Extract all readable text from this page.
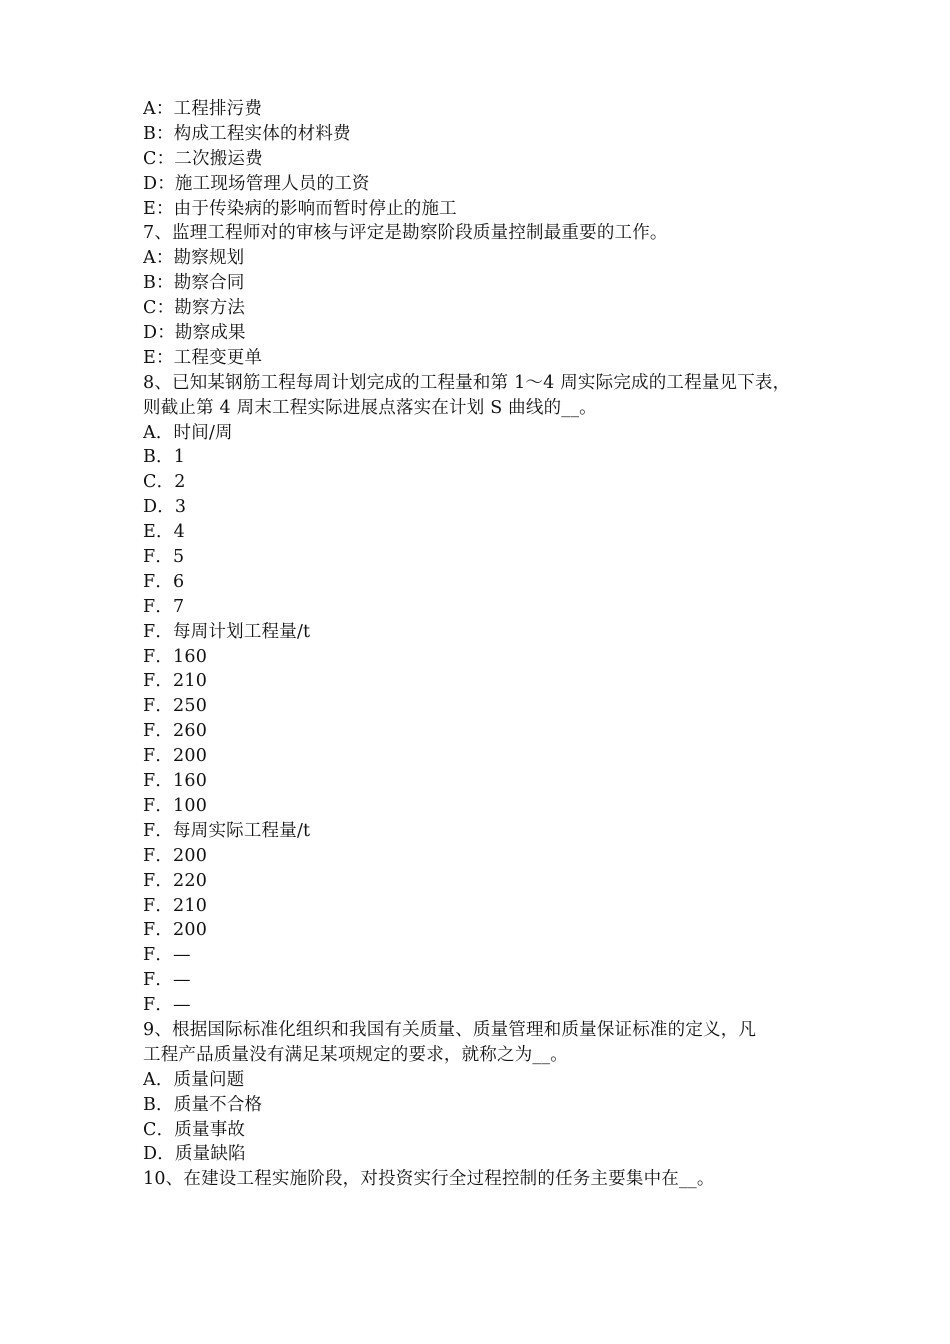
A：工程排污费
B：构成工程实体的材料费
C：二次搬运费
D：施工现场管理人员的工资
E：由于传染病的影响而暂时停止的施工
7、监理工程师对的审核与评定是勘察阶段质量控制最重要的工作。
A：勘察规划
B：勘察合同
C：勘察方法
D：勘察成果
E：工程变更单
8、已知某钢筋工程每周计划完成的工程量和第 1～4 周实际完成的工程量见下表，
则截止第 4 周末工程实际进展点落实在计划 S 曲线的__。
A．时间/周
B．1
C．2
D．3
E．4
F．5
F．6
F．7
F．每周计划工程量/t
F．160
F．210
F．250
F．260
F．200
F．160
F．100
F．每周实际工程量/t
F．200
F．220
F．210
F．200
F．—
F．—
F．—
9、根据国际标准化组织和我国有关质量、质量管理和质量保证标准的定义，凡
工程产品质量没有满足某项规定的要求，就称之为__。
A．质量问题
B．质量不合格
C．质量事故
D．质量缺陷
10、在建设工程实施阶段，对投资实行全过程控制的任务主要集中在__。
